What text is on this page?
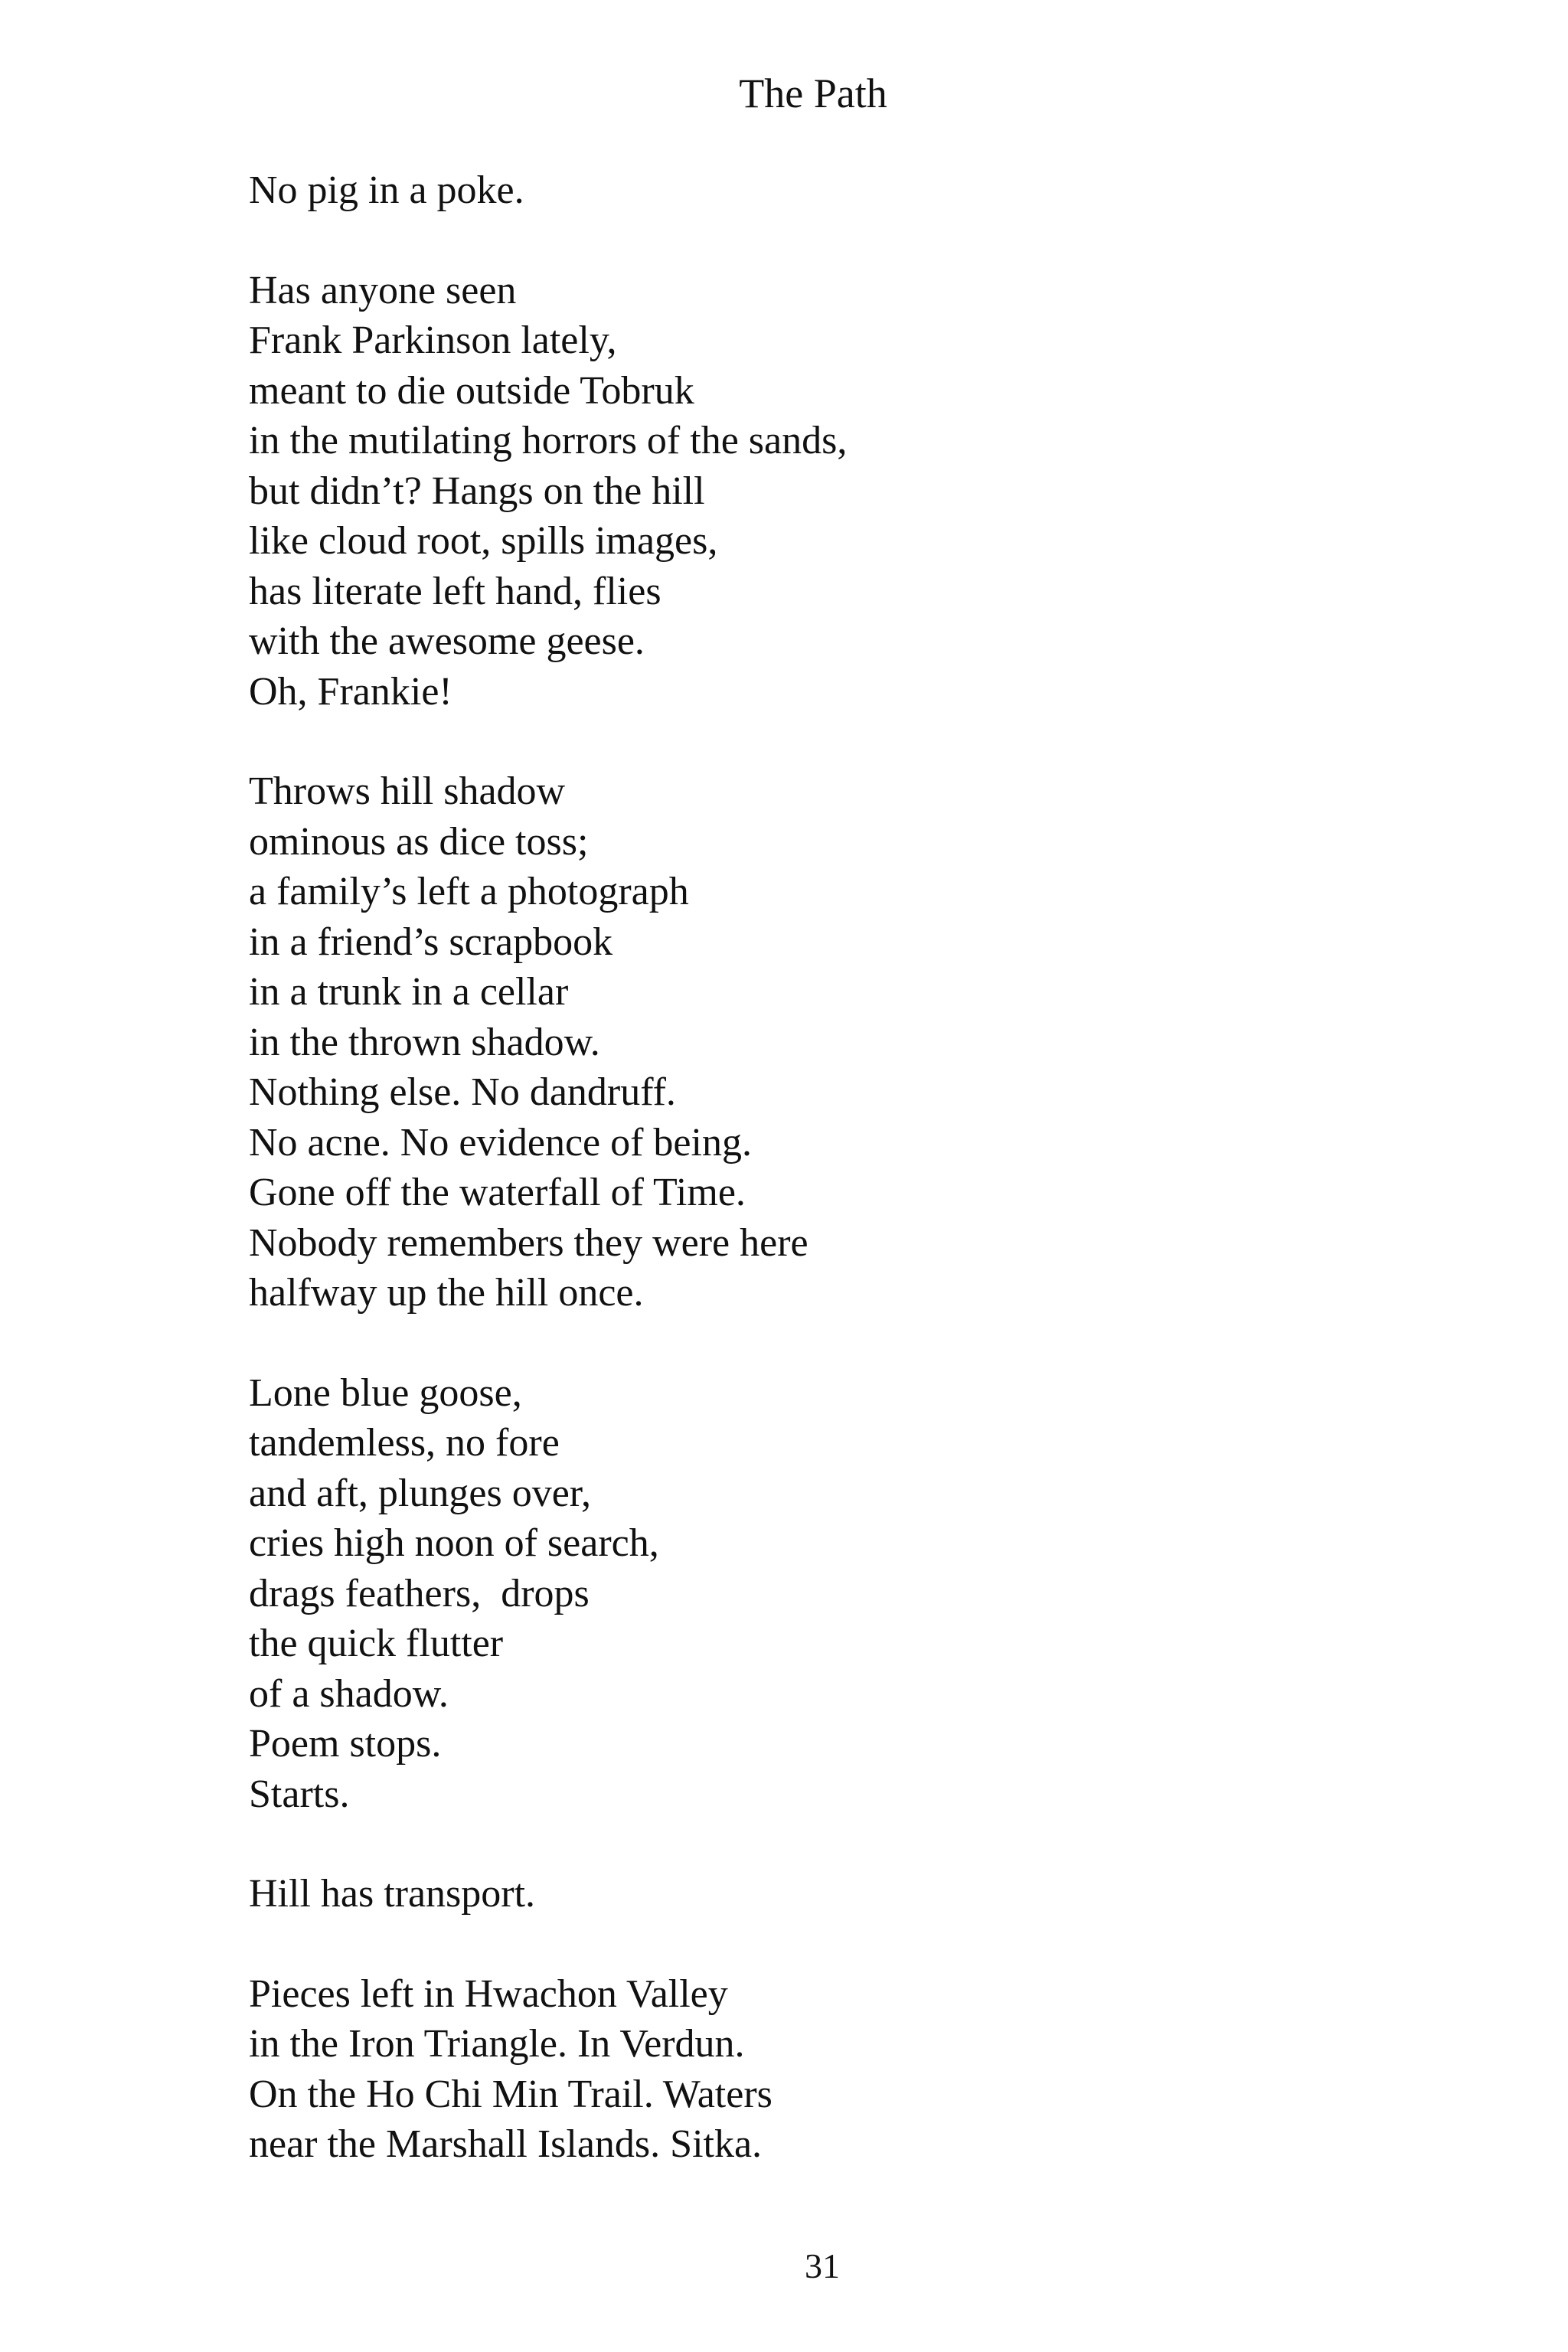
The Path
No pig in a poke.
Has anyone seen
Frank Parkinson lately,
meant to die outside Tobruk
in the mutilating horrors of the sands,
but didn’t? Hangs on the hill
like cloud root, spills images,
has literate left hand, flies
with the awesome geese.
Oh, Frankie!
Throws hill shadow
ominous as dice toss;
a family’s left a photograph
in a friend’s scrapbook
in a trunk in a cellar
in the thrown shadow.
Nothing else. No dandruff.
No acne. No evidence of being.
Gone off the waterfall of Time.
Nobody remembers they were here
halfway up the hill once.
Lone blue goose,
tandemless, no fore
and aft, plunges over,
cries high noon of search,
drags feathers,  drops
the quick flutter
of a shadow.
Poem stops.
Starts.
Hill has transport.
Pieces left in Hwachon Valley
in the Iron Triangle. In Verdun.
On the Ho Chi Min Trail. Waters
near the Marshall Islands. Sitka.
31
